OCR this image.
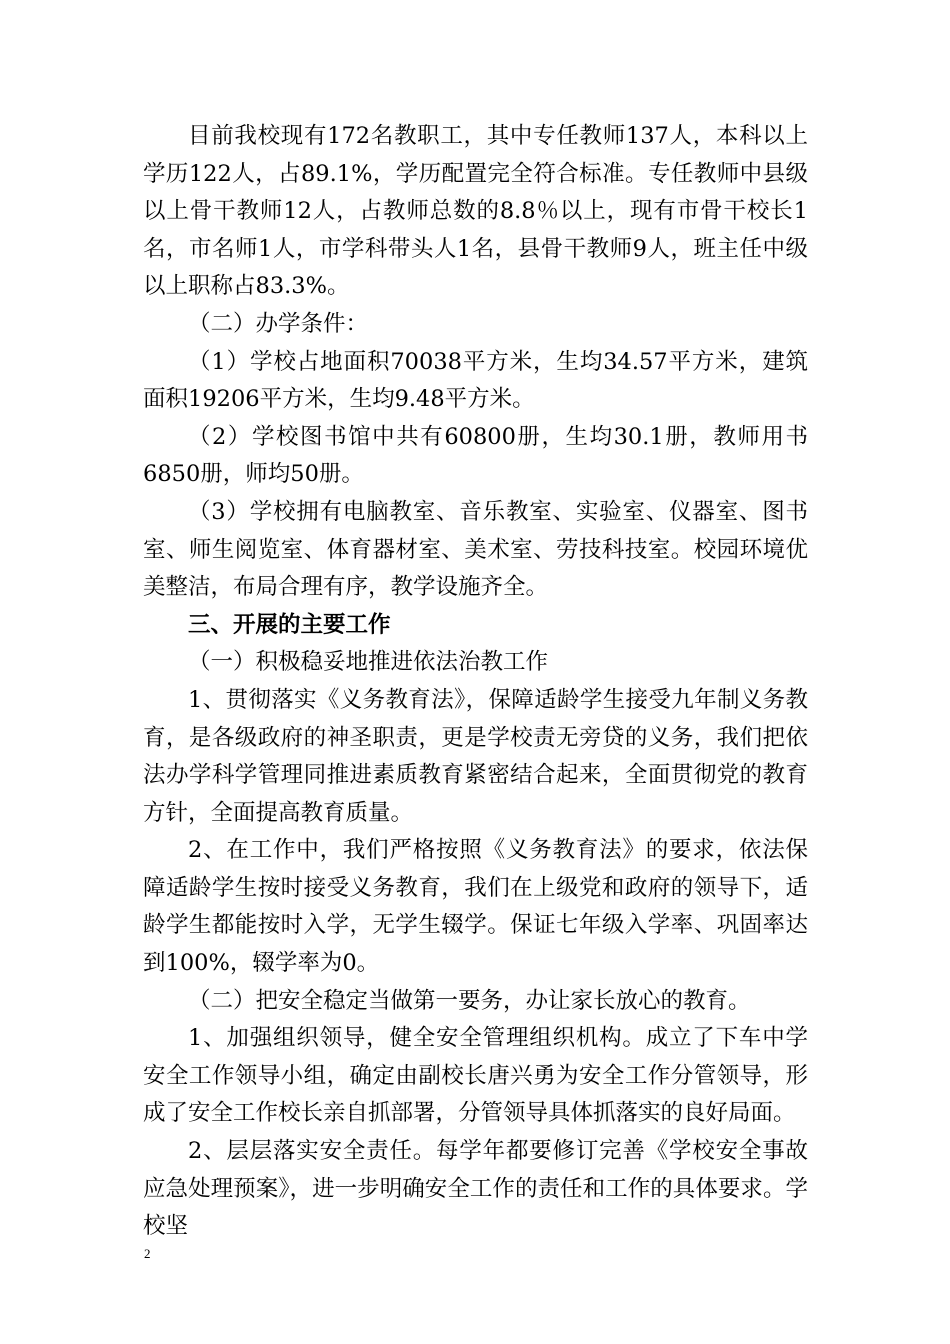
目前我校现有172名教职工，其中专任教师137人，本科以上学历122人，占89.1%，学历配置完全符合标准。专任教师中县级以上骨干教师12人，占教师总数的8.8％以上，现有市骨干校长1名，市名师1人，市学科带头人1名，县骨干教师9人，班主任中级以上职称占83.3%。

（二）办学条件：

（1）学校占地面积70038平方米，生均34.57平方米，建筑面积19206平方米，生均9.48平方米。

（2）学校图书馆中共有60800册，生均30.1册，教师用书6850册，师均50册。

（3）学校拥有电脑教室、音乐教室、实验室、仪器室、图书室、师生阅览室、体育器材室、美术室、劳技科技室。校园环境优美整洁，布局合理有序，教学设施齐全。

三、开展的主要工作

（一）积极稳妥地推进依法治教工作

1、贯彻落实《义务教育法》，保障适龄学生接受九年制义务教育，是各级政府的神圣职责，更是学校责无旁贷的义务，我们把依法办学科学管理同推进素质教育紧密结合起来，全面贯彻党的教育方针，全面提高教育质量。

2、在工作中，我们严格按照《义务教育法》的要求，依法保障适龄学生按时接受义务教育，我们在上级党和政府的领导下，适龄学生都能按时入学，无学生辍学。保证七年级入学率、巩固率达到100%，辍学率为0。

（二）把安全稳定当做第一要务，办让家长放心的教育。

1、加强组织领导，健全安全管理组织机构。成立了下车中学安全工作领导小组，确定由副校长唐兴勇为安全工作分管领导，形成了安全工作校长亲自抓部署，分管领导具体抓落实的良好局面。

2、层层落实安全责任。每学年都要修订完善《学校安全事故应急处理预案》，进一步明确安全工作的责任和工作的具体要求。学校坚

2
